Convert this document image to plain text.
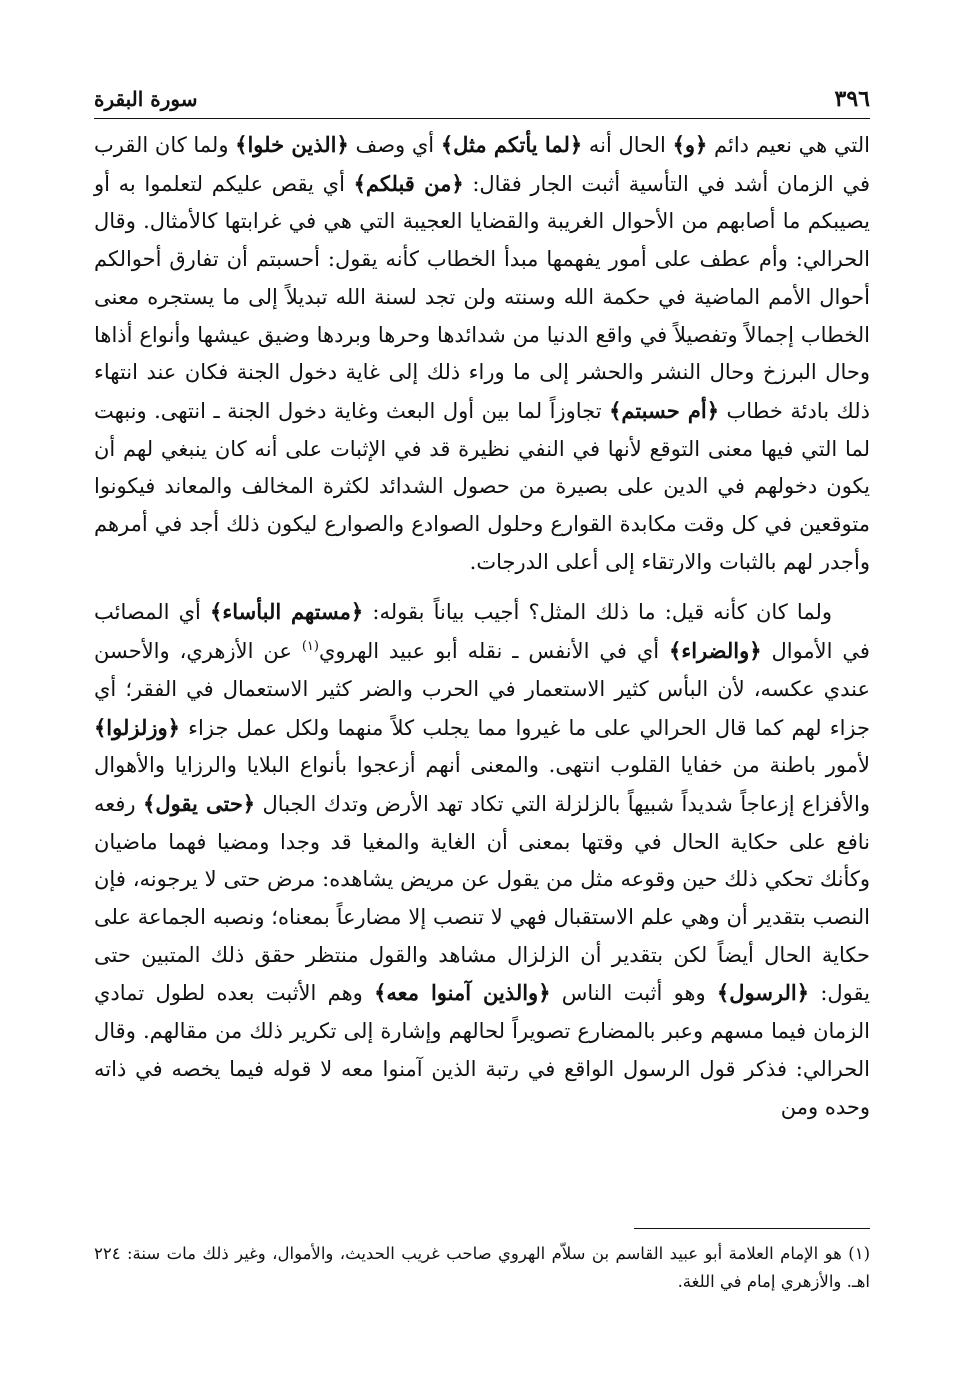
٣٩٦
سورة البقرة

التي هي نعيم دائم ﴿و﴾ الحال أنه ﴿لما يأتكم مثل﴾ أي وصف ﴿الذين خلوا﴾ ولما كان القرب في الزمان أشد في التأسية أثبت الجار فقال: ﴿من قبلكم﴾ أي يقص عليكم لتعلموا به أو يصيبكم ما أصابهم من الأحوال الغريبة والقضايا العجيبة التي هي في غرابتها كالأمثال. وقال الحرالي: وأم عطف على أمور يفهمها مبدأ الخطاب كأنه يقول: أحسبتم أن تفارق أحوالكم أحوال الأمم الماضية في حكمة الله وسنته ولن تجد لسنة الله تبديلاً إلى ما يستجره معنى الخطاب إجمالاً وتفصيلاً في واقع الدنيا من شدائدها وحرها وبردها وضيق عيشها وأنواع أذاها وحال البرزخ وحال النشر والحشر إلى ما وراء ذلك إلى غاية دخول الجنة فكان عند انتهاء ذلك بادئة خطاب ﴿أم حسبتم﴾ تجاوزاً لما بين أول البعث وغاية دخول الجنة ـ انتهى. ونبهت لما التي فيها معنى التوقع لأنها في النفي نظيرة قد في الإثبات على أنه كان ينبغي لهم أن يكون دخولهم في الدين على بصيرة من حصول الشدائد لكثرة المخالف والمعاند فيكونوا متوقعين في كل وقت مكابدة القوارع وحلول الصوادع والصوارع ليكون ذلك أجد في أمرهم وأجدر لهم بالثبات والارتقاء إلى أعلى الدرجات.

ولما كان كأنه قيل: ما ذلك المثل؟ أجيب بياناً بقوله: ﴿مستهم البأساء﴾ أي المصائب في الأموال ﴿والضراء﴾ أي في الأنفس ـ نقله أبو عبيد الهروي$^{(١)}$ عن الأزهري، والأحسن عندي عكسه، لأن البأس كثير الاستعمار في الحرب والضر كثير الاستعمال في الفقر؛ أي جزاء لهم كما قال الحرالي على ما غيروا مما يجلب كلاً منهما ولكل عمل جزاء ﴿وزلزلوا﴾ لأمور باطنة من خفايا القلوب انتهى. والمعنى أنهم أزعجوا بأنواع البلايا والرزايا والأهوال والأفزاع إزعاجاً شديداً شبيهاً بالزلزلة التي تكاد تهد الأرض وتدك الجبال ﴿حتى يقول﴾ رفعه نافع على حكاية الحال في وقتها بمعنى أن الغاية والمغيا قد وجدا ومضيا فهما ماضيان وكأنك تحكي ذلك حين وقوعه مثل من يقول عن مريض يشاهده: مرض حتى لا يرجونه، فإن النصب بتقدير أن وهي علم الاستقبال فهي لا تنصب إلا مضارعاً بمعناه؛ ونصبه الجماعة على حكاية الحال أيضاً لكن بتقدير أن الزلزال مشاهد والقول منتظر حقق ذلك المتبين حتى يقول: ﴿الرسول﴾ وهو أثبت الناس ﴿والذين آمنوا معه﴾ وهم الأثبت بعده لطول تمادي الزمان فيما مسهم وعبر بالمضارع تصويراً لحالهم وإشارة إلى تكرير ذلك من مقالهم. وقال الحرالي: فذكر قول الرسول الواقع في رتبة الذين آمنوا معه لا قوله فيما يخصه في ذاته وحده ومن

(١) هو الإمام العلامة أبو عبيد القاسم بن سلاّم الهروي صاحب غريب الحديث، والأموال، وغير ذلك مات سنة: ٢٢٤ اهـ. والأزهري إمام في اللغة.
